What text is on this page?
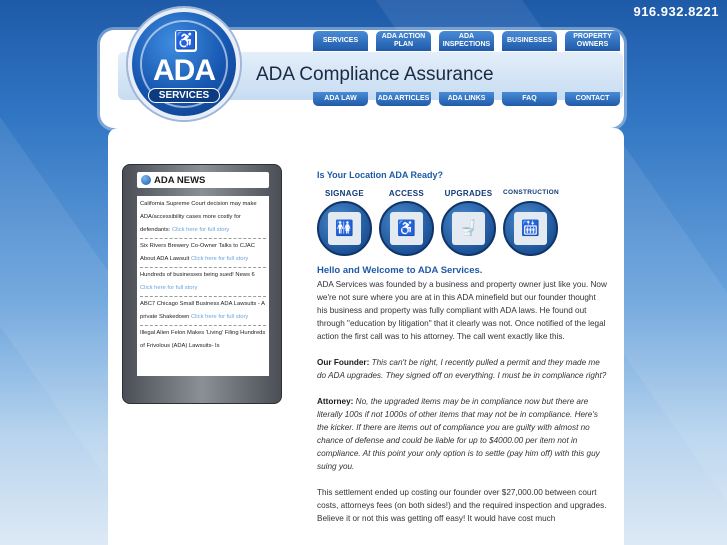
916.932.8221
♿
ADA
SERVICES
ADA Compliance Assurance
SERVICES
ADA ACTION PLAN
ADA INSPECTIONS
BUSINESSES
PROPERTY OWNERS
ADA LAW	ADA ARTICLES	ADA LINKS	FAQ	CONTACT
ADA NEWS
California Supreme Court decision may make ADA/accessibility cases more costly for defendants: Click here for full story
Six Rivers Brewery Co-Owner Talks to CJAC About ADA Lawsuit Click here for full story
Hundreds of businesses being sued! News 6 Click here for full story
ABC7 Chicago Small Business ADA Lawsuits - A private Shakedown Click here for full story
Illegal Alien Felon Makes 'Living' Filing Hundreds of Frivolous (ADA) Lawsuits- Is
Is Your Location ADA Ready?
SIGNAGE
🚻
ACCESS
♿
UPGRADES
🚽
CONSTRUCTION
🛗
Hello and Welcome to ADA Services.

ADA Services was founded by a business and property owner just like you. Now we're not sure where you are at in this ADA minefield but our founder thought his business and property was fully compliant with ADA laws. He found out through "education by litigation" that it clearly was not. Once notified of the legal action the first call was to his attorney. The call went exactly like this.

Our Founder: This can't be right, I recently pulled a permit and they made me do ADA upgrades. They signed off on everything. I must be in compliance right?

Attorney: No, the upgraded items may be in compliance now but there are literally 100s if not 1000s of other items that may not be in compliance. Here's the kicker. If there are items out of compliance you are guilty with almost no chance of defense and could be liable for up to $4000.00 per item not in compliance. At this point your only option is to settle (pay him off) with this guy suing you.

This settlement ended up costing our founder over $27,000.00 between court costs, attorneys fees (on both sides!) and the required inspection and upgrades. Believe it or not this was getting off easy! It would have cost much
